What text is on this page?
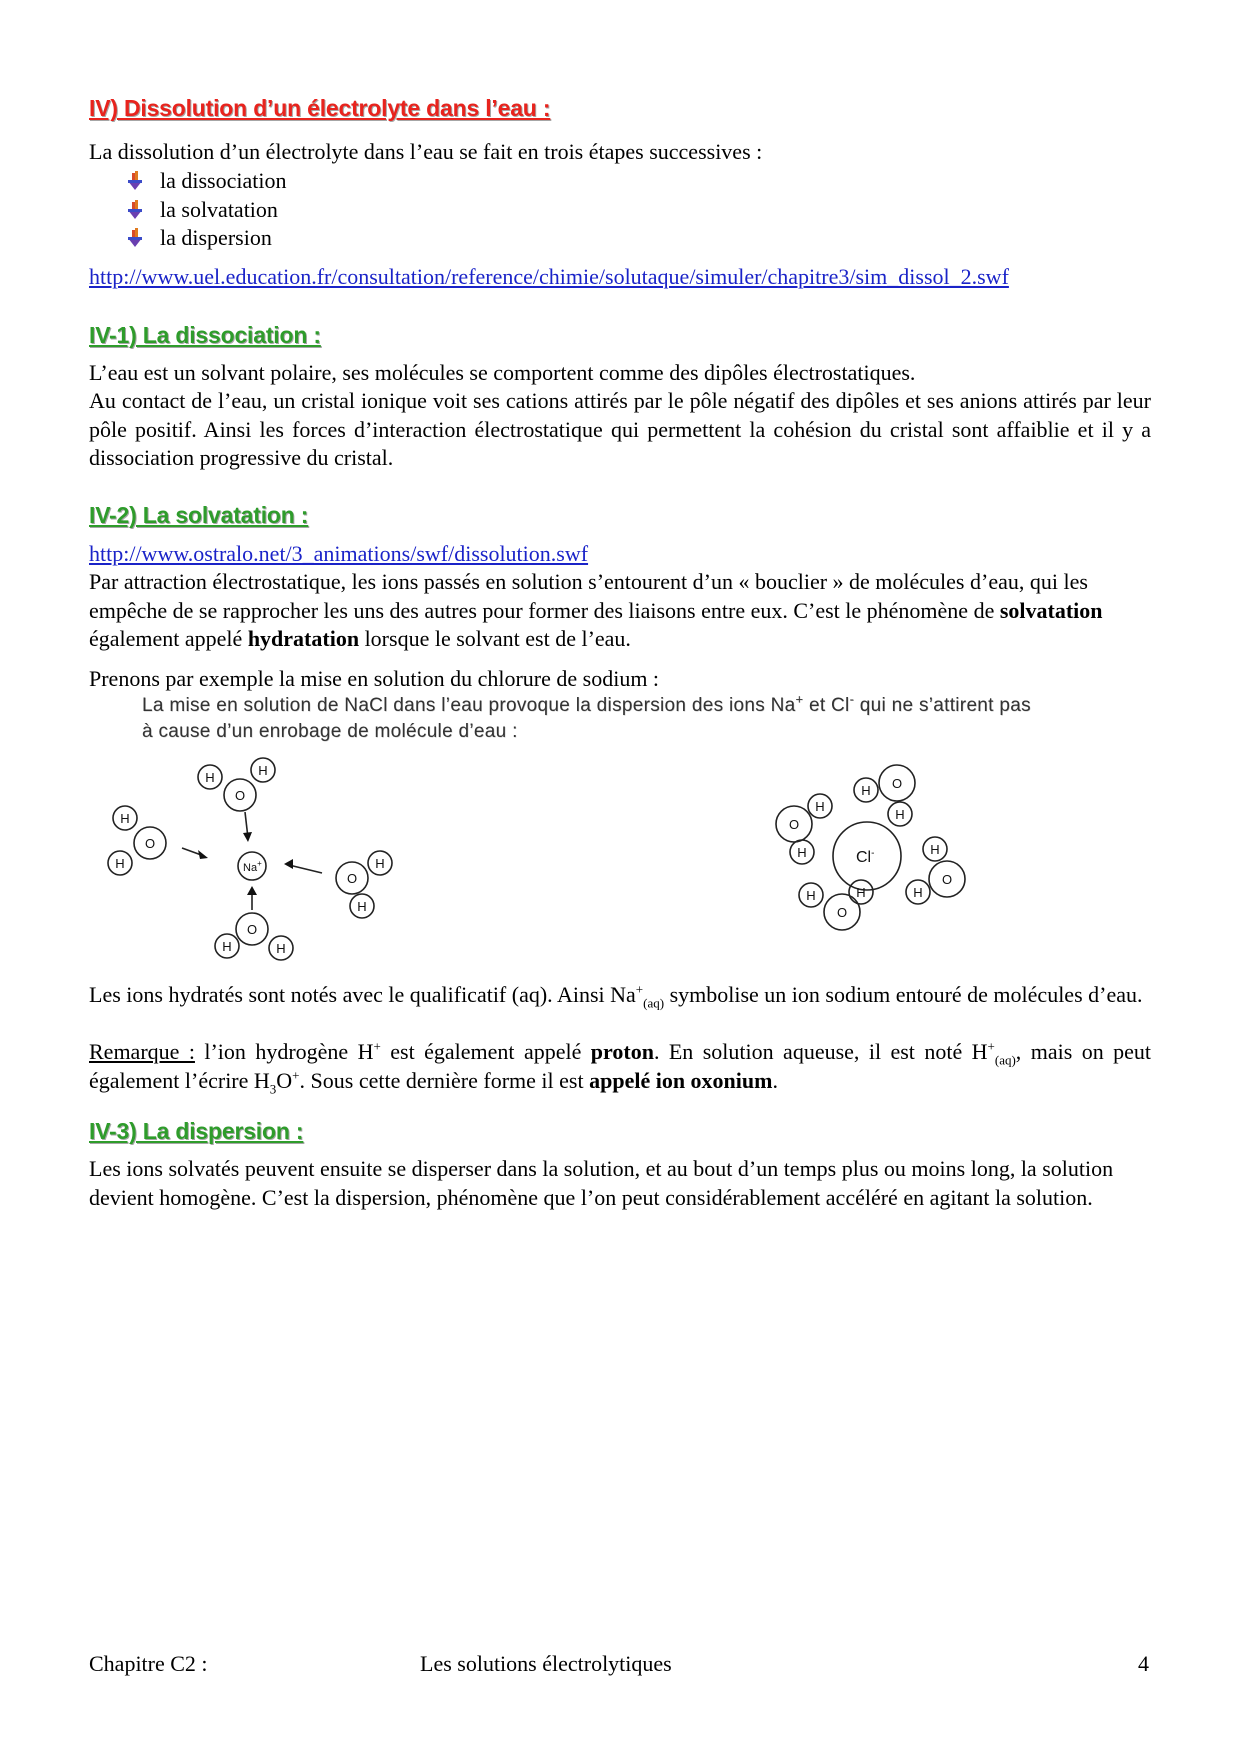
IV) Dissolution d’un électrolyte dans l’eau :
La dissolution d’un électrolyte dans l’eau se fait en trois étapes successives :
la dissociation
la solvatation
la dispersion
http://www.uel.education.fr/consultation/reference/chimie/solutaque/simuler/chapitre3/sim_dissol_2.swf
IV-1) La dissociation :
L’eau est un solvant polaire, ses molécules se comportent comme des dipôles électrostatiques.
Au contact de l’eau, un cristal ionique voit ses cations attirés par le pôle négatif des dipôles et ses anions attirés par leur pôle positif. Ainsi les forces d’interaction électrostatique qui permettent la cohésion du cristal sont affaiblie et il y a dissociation progressive du cristal.
IV-2) La solvatation :
http://www.ostralo.net/3_animations/swf/dissolution.swf
Par attraction électrostatique, les ions passés en solution s’entourent d’un « bouclier » de molécules d’eau, qui les empêche de se rapprocher les uns des autres pour former des liaisons entre eux. C’est le phénomène de solvatation également appelé hydratation lorsque le solvant est de l’eau.
Prenons par exemple la mise en solution du chlorure de sodium :
La mise en solution de NaCl dans l’eau provoque la dispersion des ions Na+ et Cl- qui ne s’attirent pas
à cause d’un enrobage de molécule d’eau :
H	H
O
H
O
H	H
O
H
O
H	H
Na+
H O
H
O
H
H	H
O
H
H
O
H
Cl-
Les ions hydratés sont notés avec le qualificatif (aq). Ainsi $Na^+_{(aq)}$ symbolise un ion sodium entouré de molécules d’eau.
Remarque : l’ion hydrogène H+ est également appelé proton. En solution aqueuse, il est noté $H^+_{(aq)}$, mais on peut également l’écrire $H_3O^+$. Sous cette dernière forme il est appelé ion oxonium.
IV-3) La dispersion :
Les ions solvatés peuvent ensuite se disperser dans la solution, et au bout d’un temps plus ou moins long, la solution devient homogène. C’est la dispersion, phénomène que l’on peut considérablement accéléré en agitant la solution.
Chapitre C2 :	Les solutions électrolytiques	4
